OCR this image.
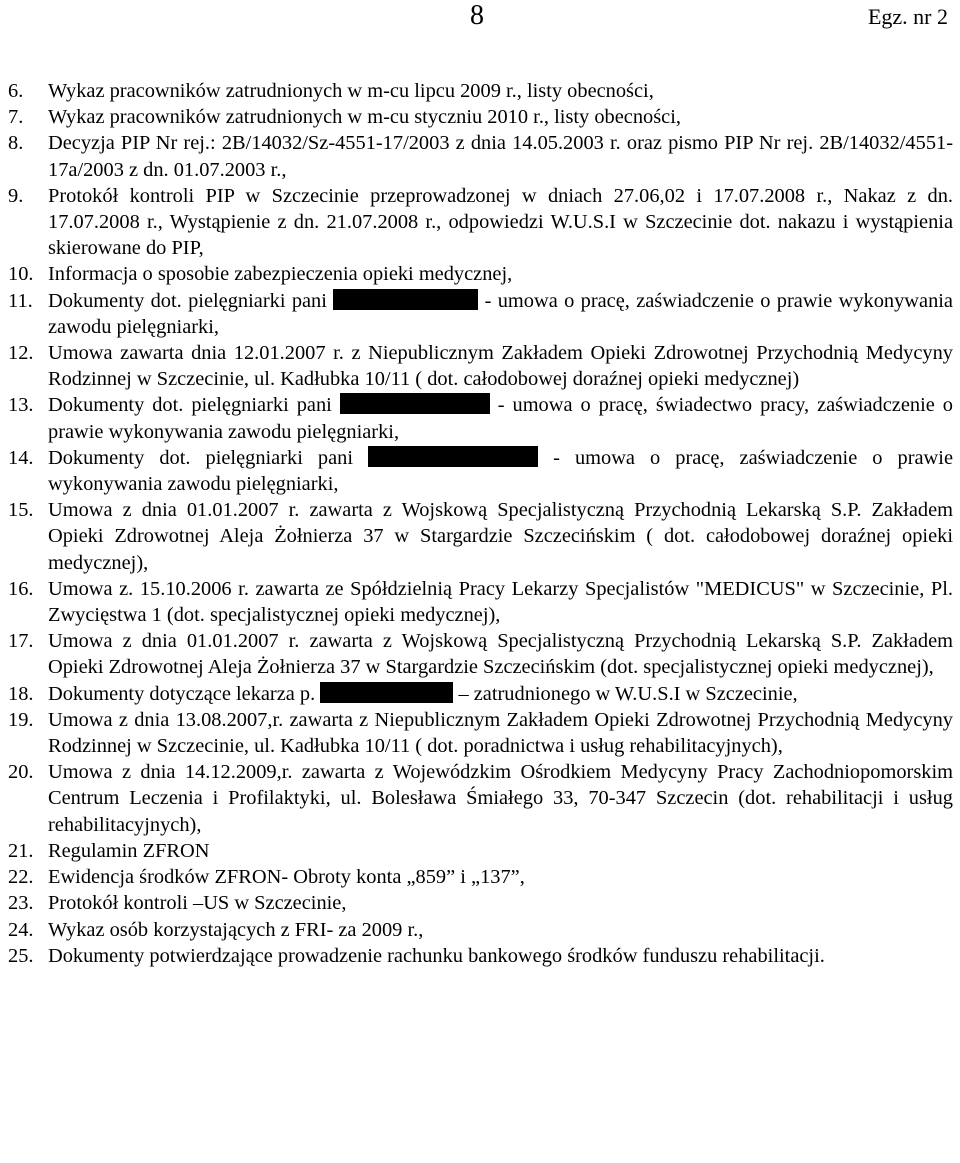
8	Egz. nr 2
6.	Wykaz pracowników zatrudnionych w m-cu lipcu 2009 r., listy obecności,
7.	Wykaz pracowników zatrudnionych w m-cu styczniu 2010 r., listy obecności,
8.	Decyzja PIP Nr rej.: 2B/14032/Sz-4551-17/2003 z dnia 14.05.2003 r. oraz pismo PIP Nr rej. 2B/14032/4551-17a/2003 z dn. 01.07.2003 r.,
9.	Protokół kontroli PIP w Szczecinie przeprowadzonej w dniach 27.06,02 i 17.07.2008 r., Nakaz z dn. 17.07.2008 r., Wystąpienie z dn. 21.07.2008 r., odpowiedzi W.U.S.I w Szczecinie dot. nakazu i wystąpienia skierowane do PIP,
10. Informacja o sposobie zabezpieczenia opieki medycznej,
11. Dokumenty dot. pielęgniarki pani	- umowa o pracę, zaświadczenie o prawie wykonywania zawodu pielęgniarki,
12. Umowa zawarta dnia 12.01.2007 r. z Niepublicznym Zakładem Opieki Zdrowotnej Przychodnią Medycyny Rodzinnej w Szczecinie, ul. Kadłubka 10/11 ( dot. całodobowej doraźnej opieki medycznej)
13. Dokumenty dot. pielęgniarki pani	- umowa o pracę, świadectwo pracy, zaświadczenie o prawie wykonywania zawodu pielęgniarki,
14. Dokumenty dot. pielęgniarki pani	- umowa o pracę, zaświadczenie o prawie wykonywania zawodu pielęgniarki,
15. Umowa z dnia 01.01.2007 r. zawarta z Wojskową Specjalistyczną Przychodnią Lekarską S.P. Zakładem Opieki Zdrowotnej Aleja Żołnierza 37 w Stargardzie Szczecińskim ( dot. całodobowej doraźnej opieki medycznej),
16. Umowa z. 15.10.2006 r. zawarta ze Spółdzielnią Pracy Lekarzy Specjalistów "MEDICUS" w Szczecinie, Pl. Zwycięstwa 1 (dot. specjalistycznej opieki medycznej),
17. Umowa z dnia 01.01.2007 r. zawarta z Wojskową Specjalistyczną Przychodnią Lekarską S.P. Zakładem Opieki Zdrowotnej Aleja Żołnierza 37 w Stargardzie Szczecińskim (dot. specjalistycznej opieki medycznej),
18. Dokumenty dotyczące lekarza p.	– zatrudnionego w W.U.S.I w Szczecinie,
19. Umowa z dnia 13.08.2007,r. zawarta z Niepublicznym Zakładem Opieki Zdrowotnej Przychodnią Medycyny Rodzinnej w Szczecinie, ul. Kadłubka 10/11 ( dot. poradnictwa i usług rehabilitacyjnych),
20. Umowa z dnia 14.12.2009,r. zawarta z Wojewódzkim Ośrodkiem Medycyny Pracy Zachodniopomorskim Centrum Leczenia i Profilaktyki, ul. Bolesława Śmiałego 33, 70-347 Szczecin (dot. rehabilitacji i usług rehabilitacyjnych),
21. Regulamin ZFRON
22. Ewidencja środków ZFRON- Obroty konta „859” i „137”,
23. Protokół kontroli –US w Szczecinie,
24. Wykaz osób korzystających z FRI- za 2009 r.,
25. Dokumenty potwierdzające prowadzenie rachunku bankowego środków funduszu rehabilitacji.
